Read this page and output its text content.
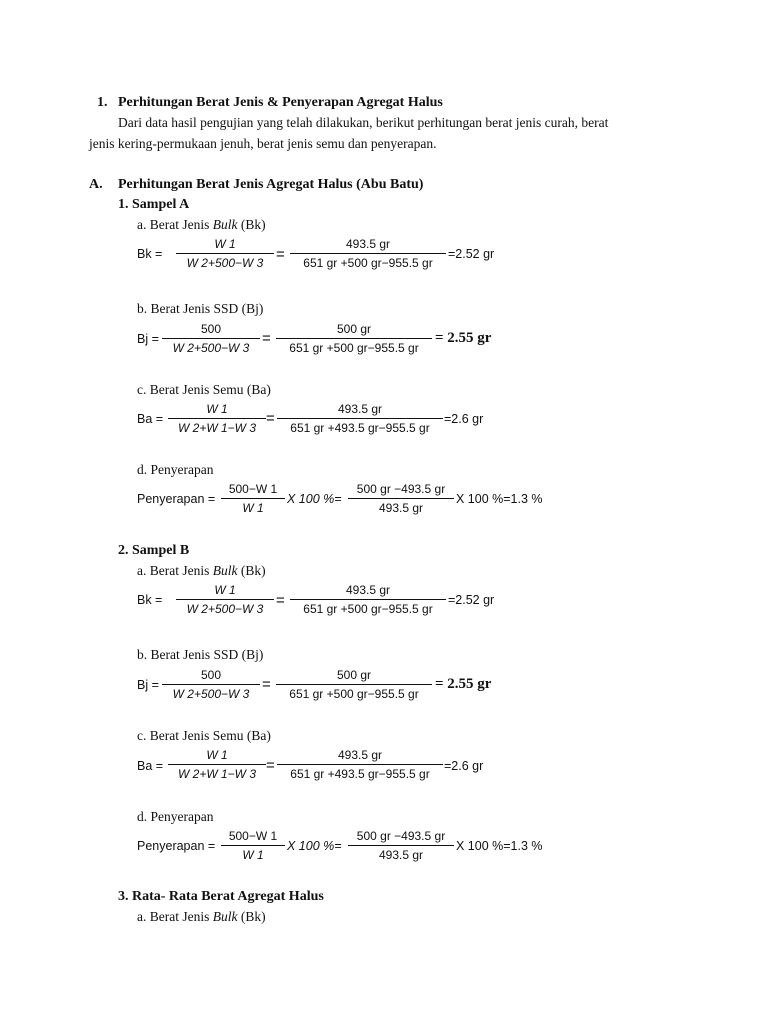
1. Perhitungan Berat Jenis & Penyerapan Agregat Halus
Dari data hasil pengujian yang telah dilakukan, berikut perhitungan berat jenis curah, berat
jenis kering-permukaan jenuh, berat jenis semu dan penyerapan.
A. Perhitungan Berat Jenis Agregat Halus (Abu Batu)
1. Sampel A
a. Berat Jenis Bulk (Bk)
Bk =
W 1
W 2+500−W 3 =
493.5 gr
651 gr +500 gr−955.5 gr
=2.52 gr
b. Berat Jenis SSD (Bj)
Bj =
500
W 2+500−W 3
=
500 gr
651 gr +500 gr−955.5 gr
= 2.55 gr
c. Berat Jenis Semu (Ba)
Ba =
W 1
W 2+W 1−W 3
=
493.5 gr
651 gr +493.5 gr−955.5 gr
=2.6 gr
d. Penyerapan
Penyerapan =
500−W 1
W 1
X 100 %=
500 gr −493.5 gr
493.5 gr
X 100 %=1.3 %
2. Sampel B
a. Berat Jenis Bulk (Bk)
Bk =
W 1
W 2+500−W 3 =
493.5 gr
651 gr +500 gr−955.5 gr
=2.52 gr
b. Berat Jenis SSD (Bj)
Bj =
500
W 2+500−W 3
=
500 gr
651 gr +500 gr−955.5 gr
= 2.55 gr
c. Berat Jenis Semu (Ba)
Ba =
W 1
W 2+W 1−W 3 =
493.5 gr
651 gr +493.5 gr−955.5 gr
=2.6 gr
d. Penyerapan
Penyerapan =
500−W 1
W 1
X 100 %=
500 gr −493.5 gr
493.5 gr
X 100 %=1.3 %
3. Rata- Rata Berat Agregat Halus
a. Berat Jenis Bulk (Bk)
